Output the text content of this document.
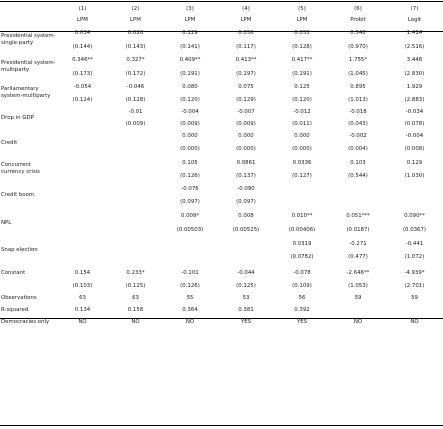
	(1)	(2)	(3)	(4)	(5)	(6)	(7)
	LPM	LPM	LPM	LPM	LPM	Probit	Logit
Presidential system-single-party	0.034	0.026	0.129	0.056	0.055	0.548	1.414
	(0.144)	(0.143)	(0.141)	(0.117)	(0.128)	(0.970)	(2.516)
Presidential system-multiparty	0.346**	0.327*	0.409**	0.413**	0.417**	1.755*	3.448
	(0.173)	(0.172)	(0.191)	(0.197)	(0.191)	(1.045)	(2.830)
Parliamentary system-multiparty	-0.054	-0.046	0.080	0.075	0.125	0.895	1.929
	(0.124)	(0.128)	(0.120)	(0.129)	(0.120)	(1.013)	(2.883)
Drop in GDP		-0.01	-0.004	-0.007	-0.012	-0.018	-0.034
		(0.009)	(0.009)	(0.009)	(0.011)	(0.043)	(0.078)
Credit			0.000	0.000	0.000	-0.002	-0.004
			(0.000)	(0.000)	(0.000)	(0.004)	(0.008)
Concurrent currency crisis			0.105	0.0861	0.0336	0.103	0.129
			(0.126)	(0.137)	(0.127)	(0.544)	(1.030)
Credit boom			-0.076	-0.090			
			(0.097)	(0.097)			
NPL			0.009*	0.008	0.010**	0.051***	0.090**
			(0.00503)	(0.00525)	(0.00406)	(0.0187)	(0.0367)
Snap election					0.0319	-0.271	-0.441
					(0.0782)	(0.477)	(1.072)

Constant	0.154	0.233*	-0.101	-0.044	-0.078	-2.646**	-4.939*
	(0.103)	(0.125)	(0.126)	(0.125)	(0.109)	(1.053)	(2.701)
Observations	63	63	55	53	56	59	59
R-squared	0.134	0.158	0.364	0.381	0.392		
Democracies only	NO	NO	NO	YES	YES	NO	NO
